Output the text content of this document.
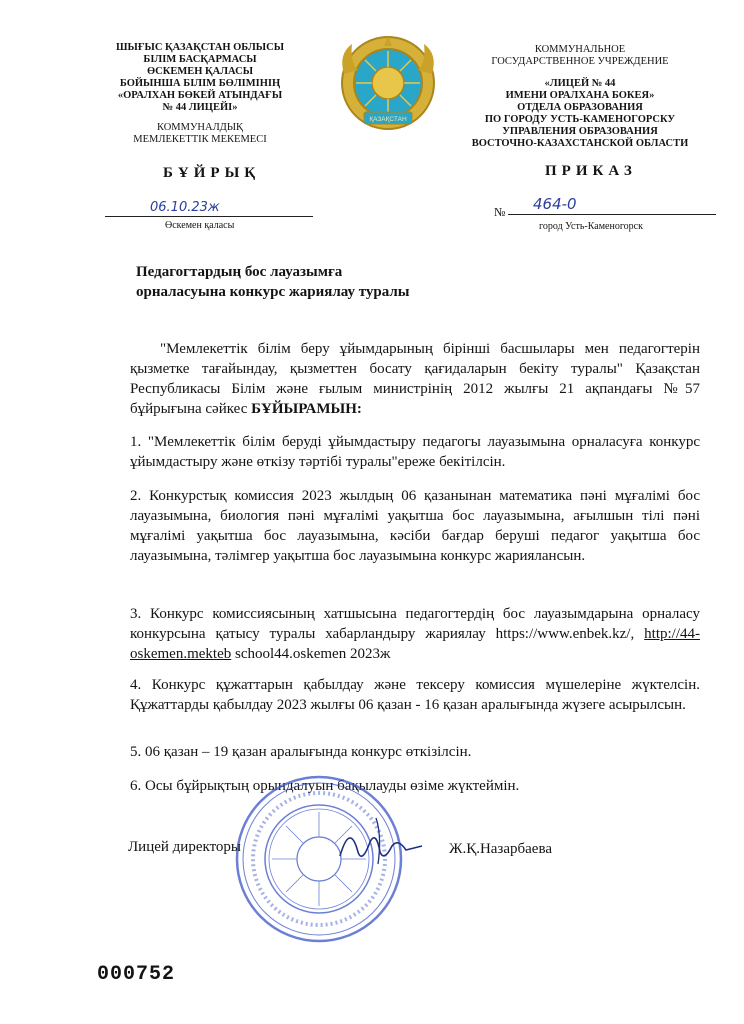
ШЫҒЫС ҚАЗАҚСТАН ОБЛЫСЫ
БІЛІМ БАСҚАРМАСЫ
ӨСКЕМЕН ҚАЛАСЫ
БОЙЫНША БІЛІМ БӨЛІМІНІҢ
«ОРАЛХАН БӨКЕЙ АТЫНДАҒЫ
№ 44 ЛИЦЕЙІ»
КОММУНАЛДЫҚ
МЕМЛЕКЕТТІК МЕКЕМЕСІ
ҚАЗАҚСТАН
КОММУНАЛЬНОЕ
ГОСУДАРСТВЕННОЕ УЧРЕЖДЕНИЕ
«ЛИЦЕЙ № 44
ИМЕНИ ОРАЛХАНА БОКЕЯ»
ОТДЕЛА ОБРАЗОВАНИЯ
ПО ГОРОДУ УСТЬ-КАМЕНОГОРСКУ
УПРАВЛЕНИЯ ОБРАЗОВАНИЯ
ВОСТОЧНО-КАЗАХСТАНСКОЙ ОБЛАСТИ
БҰЙРЫҚ	ПРИКАЗ
06.10.23ж
Өскемен қаласы
№ 464-0
город Усть-Каменогорск
Педагогтардың бос лауазымға
орналасуына конкурс жариялау туралы
"Мемлекеттік білім беру ұйымдарының бірінші басшылары мен педагогтерін қызметке тағайындау, қызметтен босату қағидаларын бекіту туралы" Қазақстан Республикасы Білім және ғылым министрінің 2012 жылғы 21 ақпандағы №57 бұйрығына сәйкес БҰЙЫРАМЫН:
1. "Мемлекеттік білім беруді ұйымдастыру педагогы лауазымына орналасуға конкурс ұйымдастыру және өткізу тәртібі туралы"ереже бекітілсін.
2. Конкурстық комиссия 2023 жылдың 06 қазанынан математика пәні мұғалімі бос лауазымына, биология пәні мұғалімі уақытша бос лауазымына, ағылшын тілі пәні мұғалімі уақытша бос лауазымына, кәсіби бағдар беруші педагог уақытша бос лауазымына, тәлімгер уақытша бос лауазымына конкурс жариялансын.
3. Конкурс комиссиясының хатшысына педагогтердің бос лауазымдарына орналасу конкурсына қатысу туралы хабарландыру жариялау https://www.enbek.kz/, http://44-oskemen.mekteb school44.oskemen 2023ж
4. Конкурс құжаттарын қабылдау және тексеру комиссия мүшелеріне жүктелсін. Құжаттарды қабылдау 2023 жылғы 06 қазан - 16 қазан аралығында жүзеге асырылсын.
5. 06 қазан – 19 қазан аралығында конкурс өткізілсін.
6. Осы бұйрықтың орындалуын бақылауды өзіме жүктеймін.
Лицей директоры	Ж.Қ.Назарбаева
000752
